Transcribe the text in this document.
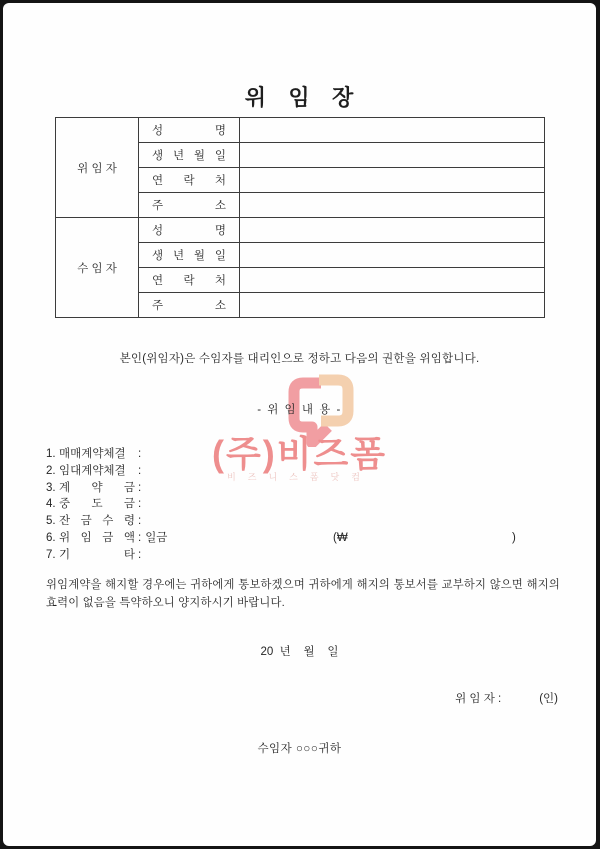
(주)비즈폼
비즈니스폼닷컴
위   임   장
위 임 자	성 명	
	생 년 월 일	
	연 락 처	
	주 소	
수 임 자	성 명	
	생 년 월 일	
	연 락 처	
	주 소	
본인(위임자)은 수임자를 대리인으로 정하고 다음의 권한을 위임합니다.
- 위 임 내 용 -
1. 매매계약체결 :
2. 임대계약체결 :
3. 계 약 금 :
4. 중 도 금 :
5. 잔 금 수 령 :
6. 위 임 금 액 : 일금	(₩	)
7. 기 타 :
위임계약을 해지할 경우에는 귀하에게 통보하겠으며 귀하에게 해지의 통보서를 교부하지 않으면 해지의 효력이 없음을 특약하오니 양지하시기 바랍니다.
20  년    월    일
위 임 자 :	(인)
수임자 ○○○귀하
